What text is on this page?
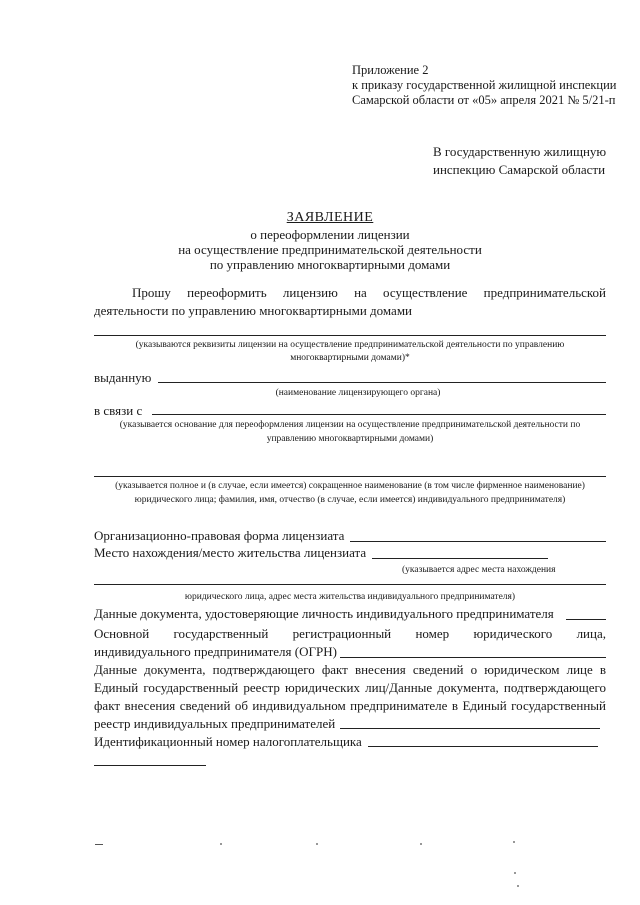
Приложение 2
к приказу государственной жилищной инспекции
Самарской области от «05» апреля 2021 № 5/21-п
В государственную жилищную
инспекцию Самарской области
ЗАЯВЛЕНИЕ
о переоформлении лицензии
на осуществление предпринимательской деятельности
по управлению многоквартирными домами
Прошу переоформить лицензию на осуществление предпринимательской
деятельности по управлению многоквартирными домами
(указываются реквизиты лицензии на осуществление предпринимательской деятельности по управлению
многоквартирными домами)*
выданную
(наименование лицензирующего органа)
в связи с
(указывается основание для переоформления лицензии на осуществление предпринимательской деятельности по
управлению многоквартирными домами)
(указывается полное и (в случае, если имеется) сокращенное наименование (в том числе фирменное наименование)
юридического лица; фамилия, имя, отчество (в случае, если имеется) индивидуального предпринимателя)
Организационно-правовая форма лицензиата
Место нахождения/место жительства лицензиата
(указывается адрес места нахождения
юридического лица, адрес места жительства индивидуального предпринимателя)
Данные документа, удостоверяющие личность индивидуального предпринимателя
Основной государственный регистрационный номер юридического лица,
индивидуального предпринимателя (ОГРН)
Данные документа, подтверждающего факт внесения сведений о юридическом лице в
Единый государственный реестр юридических лиц/Данные документа, подтверждающего
факт внесения сведений об индивидуальном предпринимателе в Единый государственный
реестр индивидуальных предпринимателей
Идентификационный номер налогоплательщика
